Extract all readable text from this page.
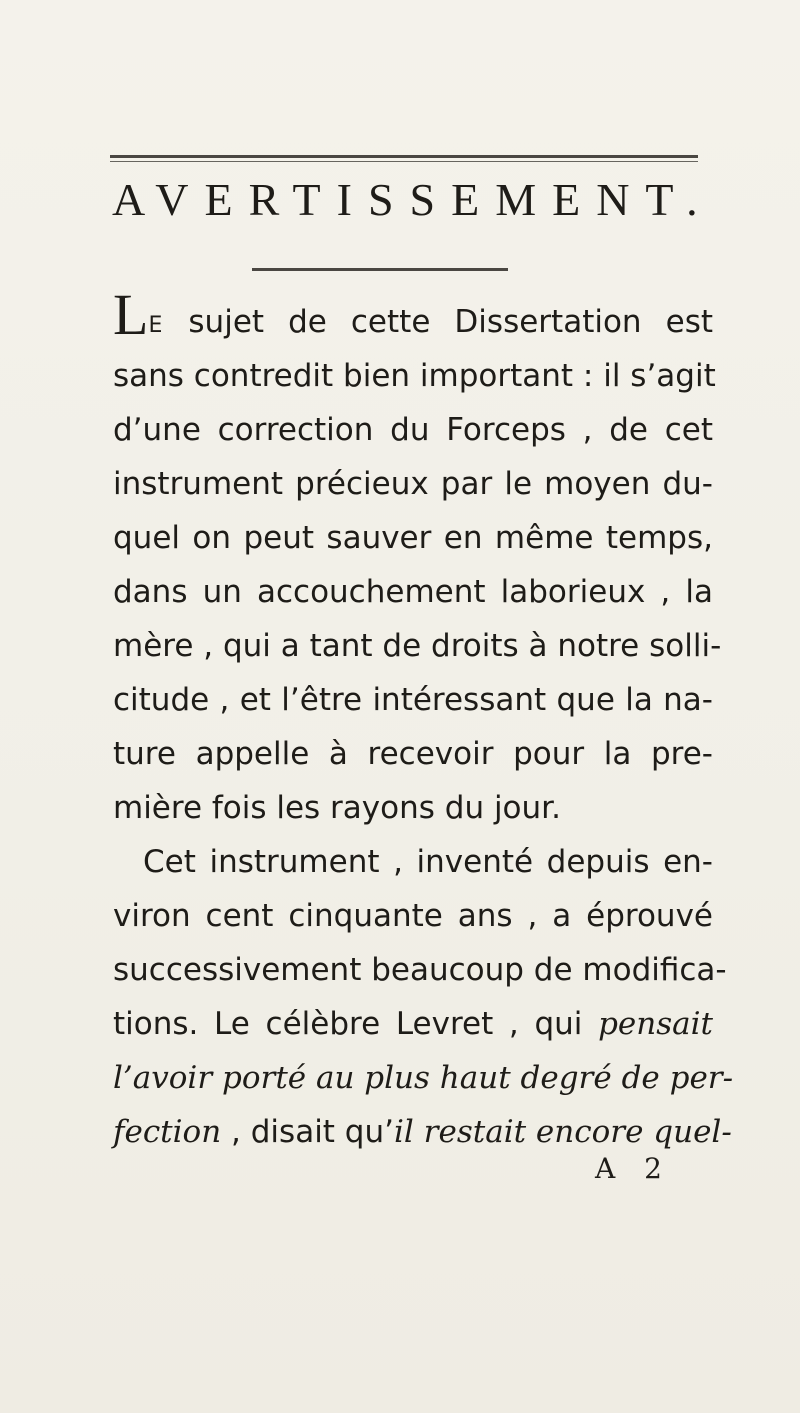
AVERTISSEMENT.
LE sujet de cette Dissertation est
sans contredit bien important : il s’agit
d’une correction du Forceps , de cet
instrument précieux par le moyen du-
quel on peut sauver en même temps,
dans un accouchement laborieux , la
mère , qui a tant de droits à notre solli-
citude , et l’être intéressant que la na-
ture appelle à recevoir pour la pre-
mière fois les rayons du jour.
Cet instrument , inventé depuis en-
viron cent cinquante ans , a éprouvé
successivement beaucoup de modifica-
tions. Le célèbre Levret , qui pensait
l’avoir porté au plus haut degré de per-
fection , disait qu’il restait encore quel-
A 2
